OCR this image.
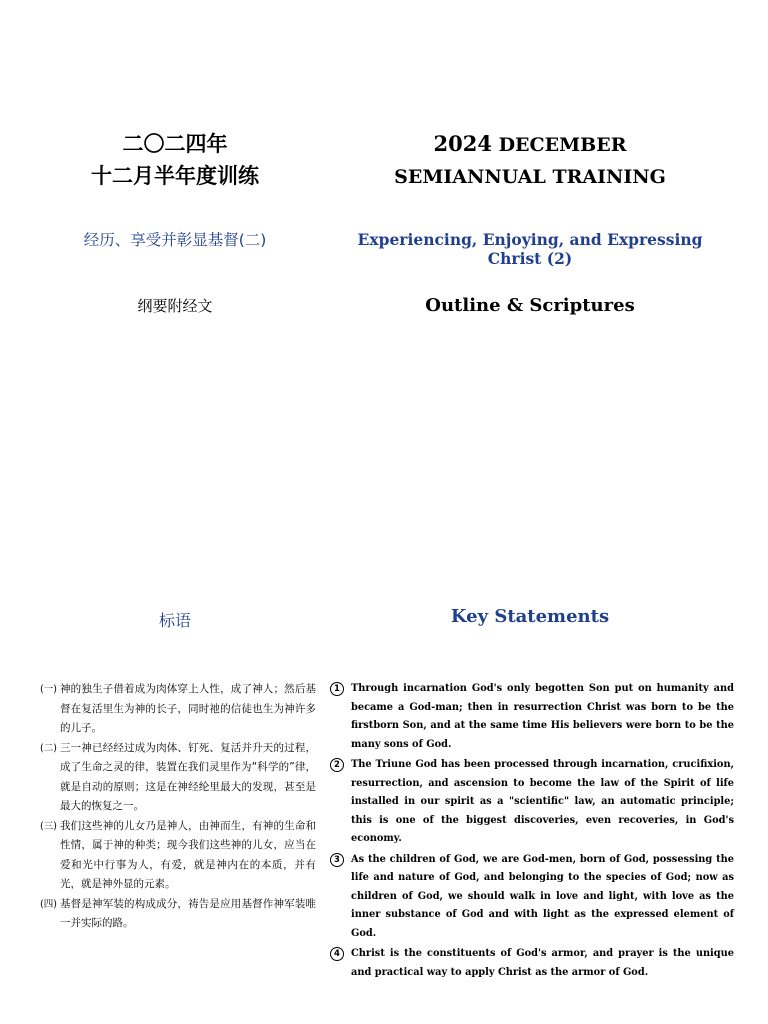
二〇二四年
十二月半年度训练
2024 DECEMBER
SEMIANNUAL TRAINING
经历、享受并彰显基督(二)	Experiencing, Enjoying, and Expressing Christ (2)
纲要附经文	Outline & Scriptures
标语	Key Statements
(一) 神的独生子借着成为肉体穿上人性，成了神人；然后基督在复活里生为神的长子，同时祂的信徒也生为神许多的儿子。
(二) 三一神已经经过成为肉体、钉死、复活并升天的过程，成了生命之灵的律，装置在我们灵里作为“科学的”律，就是自动的原则；这是在神经纶里最大的发现，甚至是最大的恢复之一。
(三) 我们这些神的儿女乃是神人，由神而生，有神的生命和性情，属于神的种类；现今我们这些神的儿女，应当在爱和光中行事为人，有爱，就是神内在的本质，并有光，就是神外显的元素。
(四) 基督是神军装的构成成分，祷告是应用基督作神军装唯一并实际的路。
1	Through incarnation God's only begotten Son put on humanity and became a God-man; then in resurrection Christ was born to be the firstborn Son, and at the same time His believers were born to be the many sons of God.
2	The Triune God has been processed through incarnation, crucifixion, resurrection, and ascension to become the law of the Spirit of life installed in our spirit as a "scientific" law, an automatic principle; this is one of the biggest discoveries, even recoveries, in God's economy.
3	As the children of God, we are God-men, born of God, possessing the life and nature of God, and belonging to the species of God; now as children of God, we should walk in love and light, with love as the inner substance of God and with light as the expressed element of God.
4	Christ is the constituents of God's armor, and prayer is the unique and practical way to apply Christ as the armor of God.
